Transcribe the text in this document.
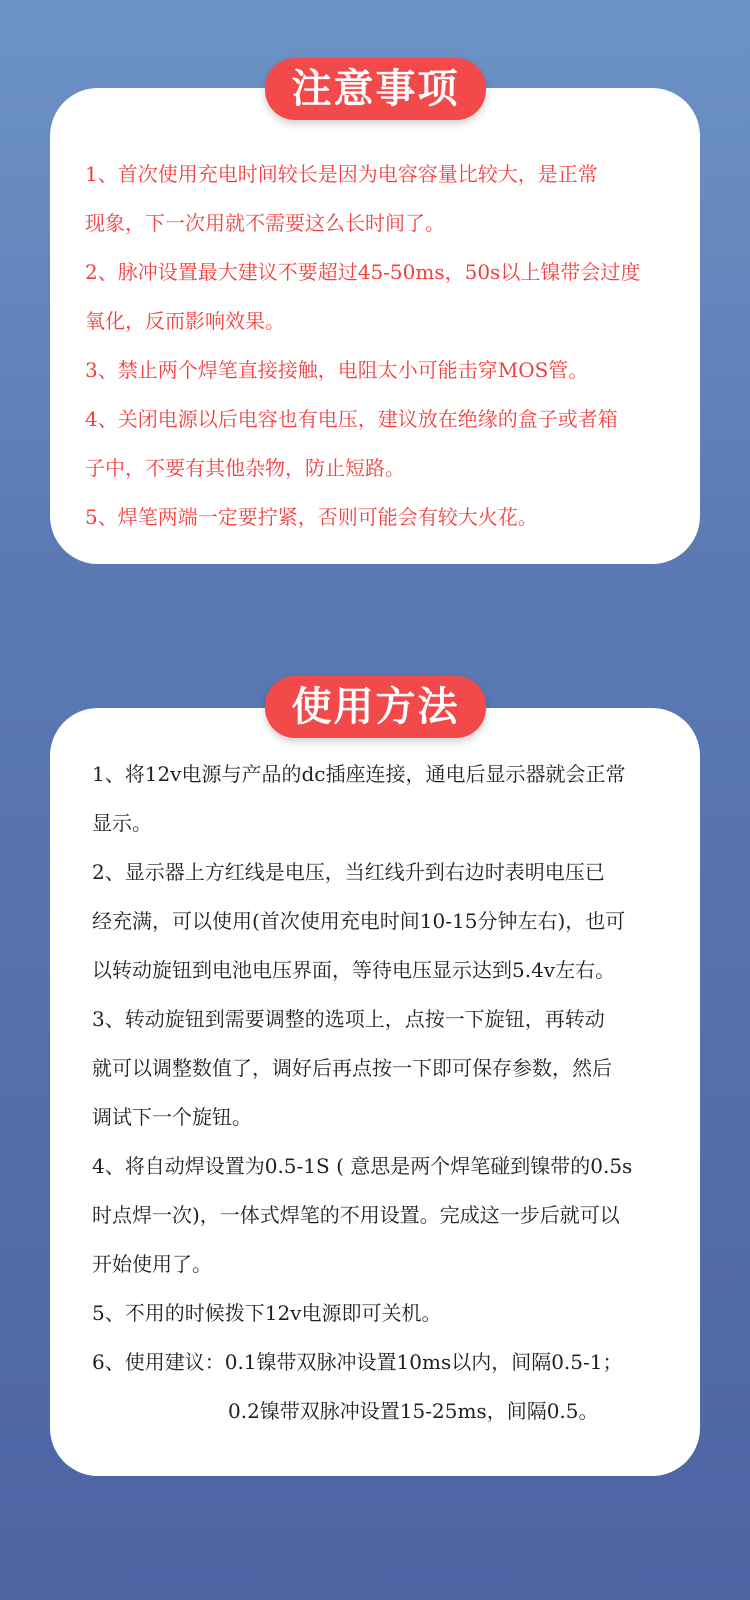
注意事项
1、首次使用充电时间较长是因为电容容量比较大，是正常
现象，下一次用就不需要这么长时间了。
2、脉冲设置最大建议不要超过45-50ms，50s以上镍带会过度
氧化，反而影响效果。
3、禁止两个焊笔直接接触，电阻太小可能击穿MOS管。
4、关闭电源以后电容也有电压，建议放在绝缘的盒子或者箱
子中，不要有其他杂物，防止短路。
5、焊笔两端一定要拧紧，否则可能会有较大火花。
使用方法
1、将12v电源与产品的dc插座连接，通电后显示器就会正常
显示。
2、显示器上方红线是电压，当红线升到右边时表明电压已
经充满，可以使用(首次使用充电时间10-15分钟左右)，也可
以转动旋钮到电池电压界面，等待电压显示达到5.4v左右。
3、转动旋钮到需要调整的选项上，点按一下旋钮，再转动
就可以调整数值了，调好后再点按一下即可保存参数，然后
调试下一个旋钮。
4、将自动焊设置为0.5-1S ( 意思是两个焊笔碰到镍带的0.5s
时点焊一次)，一体式焊笔的不用设置。完成这一步后就可以
开始使用了。
5、不用的时候拨下12v电源即可关机。
6、使用建议：0.1镍带双脉冲设置10ms以内，间隔0.5-1；
0.2镍带双脉冲设置15-25ms，间隔0.5。
